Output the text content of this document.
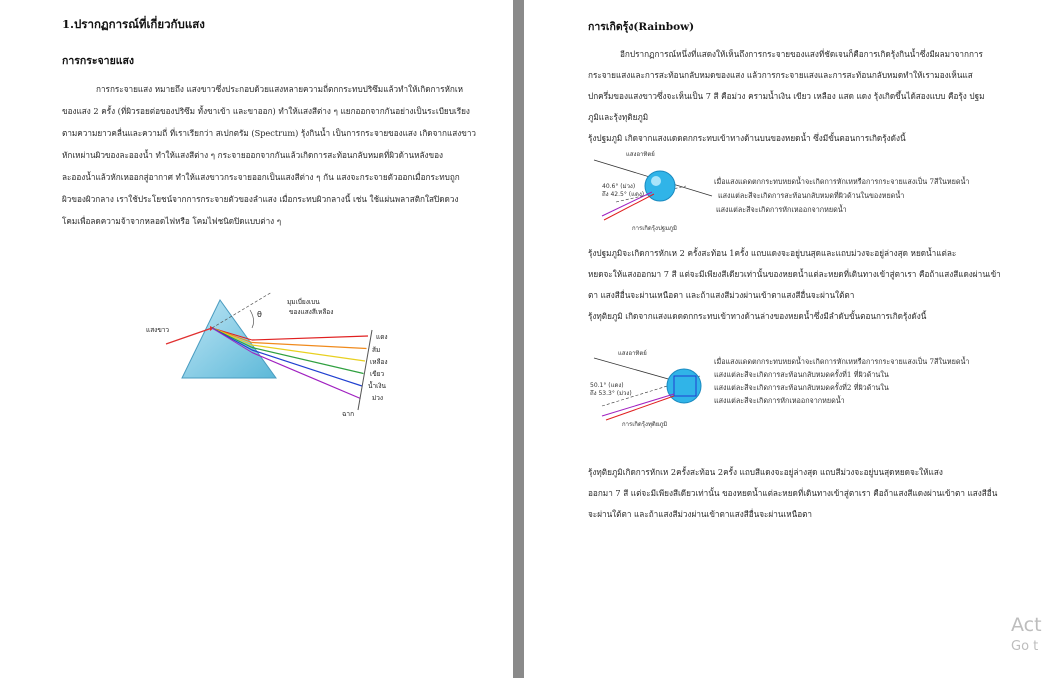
1.ปรากฏการณ์ที่เกี่ยวกับแสง
การกระจายแสง
การกระจายแสง หมายถึง แสงขาวซึ่งประกอบด้วยแสงหลายความถี่ตกกระทบปริซึมแล้วทำให้เกิดการหักเห
ของแสง 2 ครั้ง (ที่ผิวรอยต่อของปริซึม ทั้งขาเข้า และขาออก) ทำให้แสงสีต่าง ๆ แยกออกจากกันอย่างเป็นระเบียบเรียง
ตามความยาวคลื่นและความถี่ ที่เราเรียกว่า สเปกตรัม (Spectrum) รุ้งกินน้ำ เป็นการกระจายของแสง เกิดจากแสงขาว
หักเหผ่านผิวของละอองน้ำ ทำให้แสงสีต่าง ๆ กระจายออกจากกันแล้วเกิดการสะท้อนกลับหมดที่ผิวด้านหลังของ
ละอองน้ำแล้วหักเหออกสู่อากาศ ทำให้แสงขาวกระจายออกเป็นแสงสีต่าง ๆ กัน แสงจะกระจายตัวออกเมื่อกระทบถูก
ผิวของผิวกลาง เราใช้ประโยชน์จากการกระจายตัวของลำแสง เมื่อกระทบผิวกลางนี้ เช่น ใช้แผ่นพลาสติกใสปิดดวง
โคมเพื่อลดความจ้าจากหลอดไฟหรือ โคมไฟชนิดปิดแบบต่าง ๆ
แสงขาว
θ
มุมเบี่ยงเบน
ของแสงสีเหลือง
แดง
ส้ม
เหลือง
เขียว
น้ำเงิน
ม่วง
ฉาก
การเกิดรุ้ง(Rainbow)
อีกปรากฏการณ์หนึ่งที่แสดงให้เห็นถึงการกระจายของแสงที่ชัดเจนก็คือการเกิดรุ้งกินน้ำซึ่งมีผลมาจากการ
กระจายแสงและการสะท้อนกลับหมดของแสง แล้วการกระจายแสงและการสะท้อนกลับหมดทำให้เรามองเห็นแส
ปกครึ่มของแสงขาวซึ่งจะเห็นเป็น 7 สี คือม่วง ครามน้ำเงิน เขียว เหลือง แสด แดง รุ้งเกิดขึ้นได้สองแบบ คือรุ้ง ปฐม
ภูมิและรุ้งทุติยภูมิ
รุ้งปฐมภูมิ เกิดจากแสงแดดตกกระทบเข้าทางด้านบนของหยดน้ำ ซึ่งมีขั้นตอนการเกิดรุ้งดังนี้
แสงอาทิตย์
40.6° (ม่วง)
ถึง 42.5° (แดง)
การเกิดรุ้งปฐมภูมิ
เมื่อแสงแดดตกกระทบหยดน้ำจะเกิดการหักเหหรือการกระจายแสงเป็น 7สีในหยดน้ำ
แสงแต่ละสีจะเกิดการสะท้อนกลับหมดที่ผิวด้านในของหยดน้ำ
แสงแต่ละสีจะเกิดการหักเหออกจากหยดน้ำ
รุ้งปฐมภูมิจะเกิดการหักเห 2 ครั้งสะท้อน 1ครั้ง แถบแดงจะอยู่บนสุดและแถบม่วงจะอยู่ล่างสุด หยดน้ำแต่ละ
หยดจะให้แสงออกมา 7 สี แต่จะมีเพียงสีเดียวเท่านั้นของหยดน้ำแต่ละหยดที่เดินทางเข้าสู่ตาเรา คือถ้าแสงสีแดงผ่านเข้า
ตา แสงสีอื่นจะผ่านเหนือตา และถ้าแสงสีม่วงผ่านเข้าตาแสงสีอื่นจะผ่านใต้ตา
รุ้งทุติยภูมิ เกิดจากแสงแดดตกกระทบเข้าทางด้านล่างของหยดน้ำซึ่งมีลำดับขั้นตอนการเกิดรุ้งดังนี้
แสงอาทิตย์
50.1° (แดง)
ถึง 53.3° (ม่วง)
การเกิดรุ้งทุติยภูมิ
เมื่อแสงแดดตกกระทบหยดน้ำจะเกิดการหักเหหรือการกระจายแสงเป็น 7สีในหยดน้ำ
แสงแต่ละสีจะเกิดการสะท้อนกลับหมดครั้งที่1 ที่ผิวด้านใน
แสงแต่ละสีจะเกิดการสะท้อนกลับหมดครั้งที่2 ที่ผิวด้านใน
แสงแต่ละสีจะเกิดการหักเหออกจากหยดน้ำ
รุ้งทุติยภูมิเกิดการหักเห 2ครั้งสะท้อน 2ครั้ง แถบสีแดงจะอยู่ล่างสุด แถบสีม่วงจะอยู่บนสุดหยดจะให้แสง
ออกมา 7 สี แต่จะมีเพียงสีเดียวเท่านั้น ของหยดน้ำแต่ละหยดที่เดินทางเข้าสู่ตาเรา คือถ้าแสงสีแดงผ่านเข้าตา แสงสีอื่น
จะผ่านใต้ตา และถ้าแสงสีม่วงผ่านเข้าตาแสงสีอื่นจะผ่านเหนือตา
Act
Go t
